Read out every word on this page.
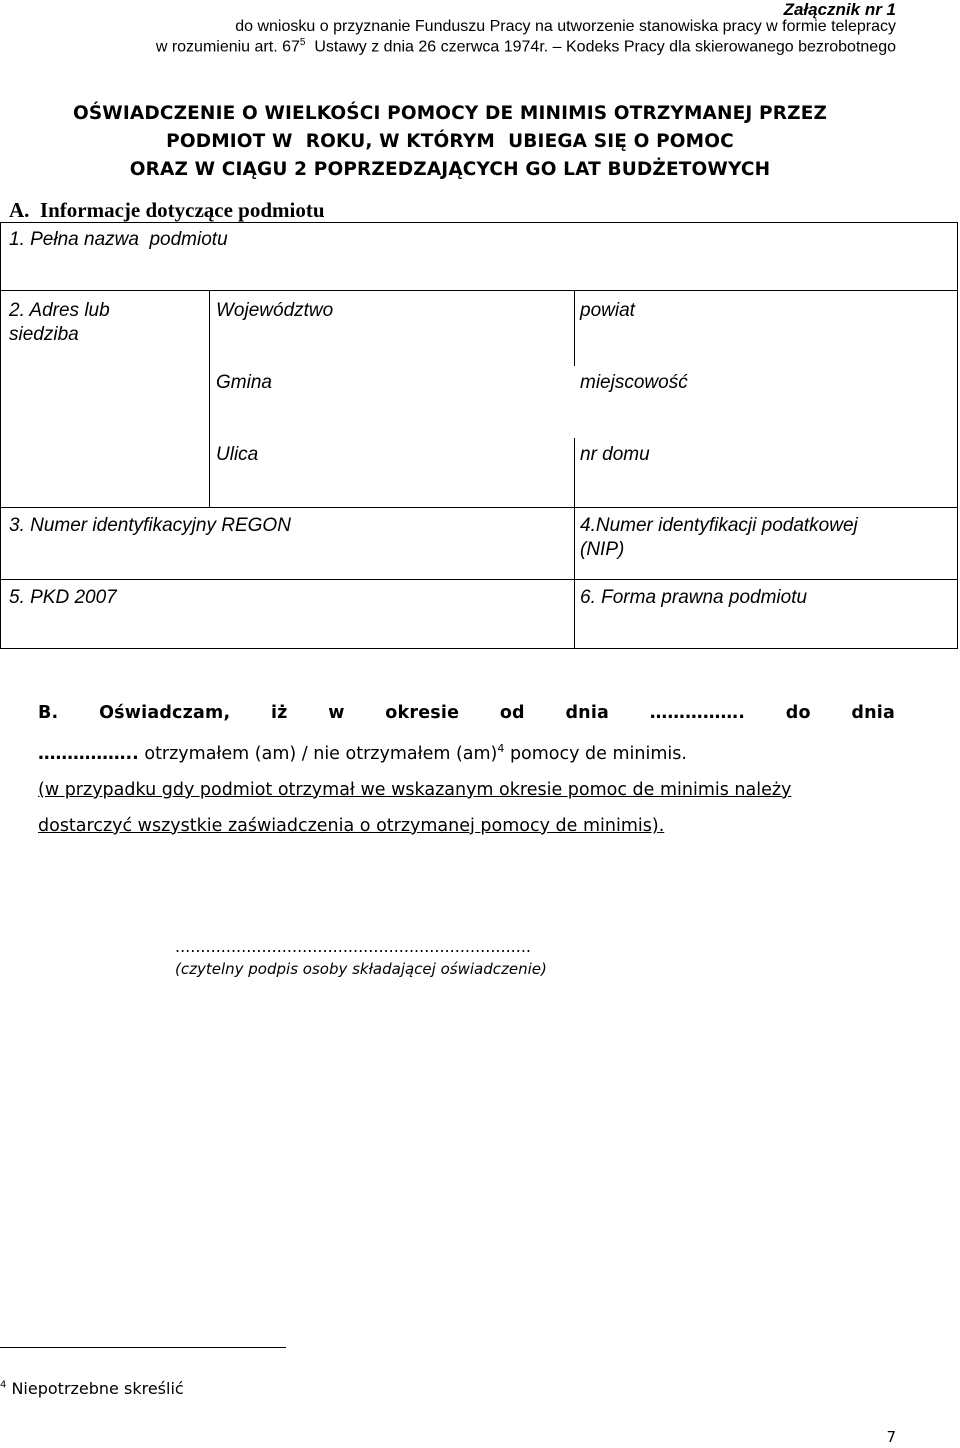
Załącznik nr 1
do wniosku o przyznanie Funduszu Pracy na utworzenie stanowiska pracy w formie telepracy
w rozumieniu art. $67^5$  Ustawy z dnia 26 czerwca 1974r. – Kodeks Pracy dla skierowanego bezrobotnego
OŚWIADCZENIE O WIELKOŚCI POMOCY DE MINIMIS OTRZYMANEJ PRZEZ
PODMIOT W  ROKU, W KTÓRYM  UBIEGA SIĘ O POMOC
ORAZ W CIĄGU 2 POPRZEDZAJĄCYCH GO LAT BUDŻETOWYCH
A.  Informacje dotyczące podmiotu
1. Pełna nazwa  podmiotu
2. Adres lub
siedziba
Województwo	powiat
Gmina	miejscowość
Ulica	nr domu
3. Numer identyfikacyjny REGON	4.Numer identyfikacji podatkowej
(NIP)
5. PKD 2007	6. Forma prawna podmiotu
B. Oświadczam, iż w okresie od dnia ……………. do dnia
…………….. otrzymałem (am) / nie otrzymałem (am)$^4$ pomocy de minimis.
(w przypadku gdy podmiot otrzymał we wskazanym okresie pomoc de minimis należy
dostarczyć wszystkie zaświadczenia o otrzymanej pomocy de minimis).
......................................................................
(czytelny podpis osoby składającej oświadczenie)
$^4$ Niepotrzebne skreślić
7
